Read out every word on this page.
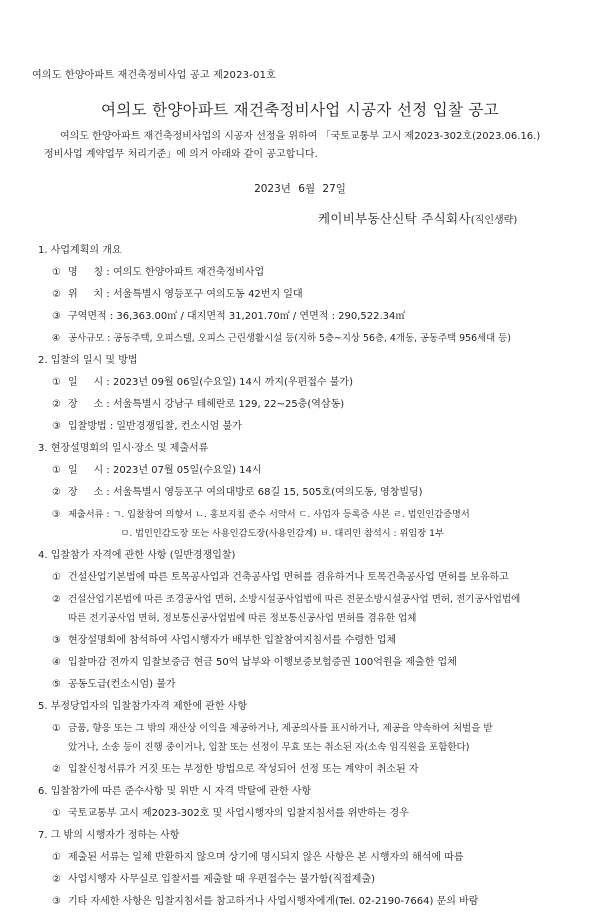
여의도 한양아파트 재건축정비사업 공고 제2023-01호
여의도 한양아파트 재건축정비사업 시공자 선정 입찰 공고
여의도 한양아파트 재건축정비사업의 시공자 선정을 위하여 「국토교통부 고시 제2023-302호(2023.06.16.)
정비사업 계약업무 처리기준」에 의거 아래와 같이 공고합니다.
2023년 6월 27일
케이비부동산신탁 주식회사(직인생략)
1. 사업계획의 개요
① 명     칭 : 여의도 한양아파트 재건축정비사업
② 위     치 : 서울특별시 영등포구 여의도동 42번지 일대
③ 구역면적 : 36,363.00㎡ / 대지면적 31,201.70㎡ / 연면적 : 290,522.34㎡
④ 공사규모 : 공동주택, 오피스텔, 오피스 근린생활시설 등(지하 5층~지상 56층, 4개동, 공동주택 956세대 등)
2. 입찰의 일시 및 방법
① 일     시 : 2023년 09월 06일(수요일) 14시 까지(우편접수 불가)
② 장     소 : 서울특별시 강남구 테헤란로 129, 22~25층(역삼동)
③ 입찰방법 : 일반경쟁입찰, 컨소시엄 불가
3. 현장설명회의 일시·장소 및 제출서류
① 일     시 : 2023년 07월 05일(수요일) 14시
② 장     소 : 서울특별시 영등포구 여의대방로 68길 15, 505호(여의도동, 영창빌딩)
③ 제출서류 : ㄱ. 입찰참여 의향서 ㄴ. 홍보지침 준수 서약서 ㄷ. 사업자 등록증 사본 ㄹ. 법인인감증명서
ㅁ. 법인인감도장 또는 사용인감도장(사용인감계) ㅂ. 대리인 참석시 : 위임장 1부
4. 입찰참가 자격에 관한 사항 (일반경쟁입찰)
① 건설산업기본법에 따른 토목공사업과 건축공사업 면허를 겸유하거나 토목건축공사업 면허를 보유하고
② 건설산업기본법에 따른 조경공사업 면허, 소방시설공사업법에 따른 전문소방시설공사업 면허, 전기공사업법에
따른 전기공사업 면허, 정보통신공사업법에 따른 정보통신공사업 면허를 겸유한 업체
③ 현장설명회에 참석하여 사업시행자가 배부한 입찰참여지침서를 수령한 업체
④ 입찰마감 전까지 입찰보증금 현금 50억 납부와 이행보증보험증권 100억원을 제출한 업체
⑤ 공동도급(컨소시엄) 불가
5. 부정당업자의 입찰참가자격 제한에 관한 사항
① 금품, 향응 또는 그 밖의 재산상 이익을 제공하거나, 제공의사를 표시하거나, 제공을 약속하여 처벌을 받
았거나, 소송 등이 진행 중이거나, 입찰 또는 선정이 무효 또는 취소된 자(소속 임직원을 포함한다)
② 입찰신청서류가 거짓 또는 부정한 방법으로 작성되어 선정 또는 계약이 취소된 자
6. 입찰참가에 따른 준수사항 및 위반 시 자격 박탈에 관한 사항
① 국토교통부 고시 제2023-302호 및 사업시행자의 입찰지침서를 위반하는 경우
7. 그 밖의 시행자가 정하는 사항
① 제출된 서류는 일체 반환하지 않으며 상기에 명시되지 않은 사항은 본 시행자의 해석에 따름
② 사업시행자 사무실로 입찰서를 제출할 때 우편접수는 불가함(직접제출)
③ 기타 자세한 사항은 입찰지침서를 참고하거나 사업시행자에게(Tel. 02-2190-7664) 문의 바람
